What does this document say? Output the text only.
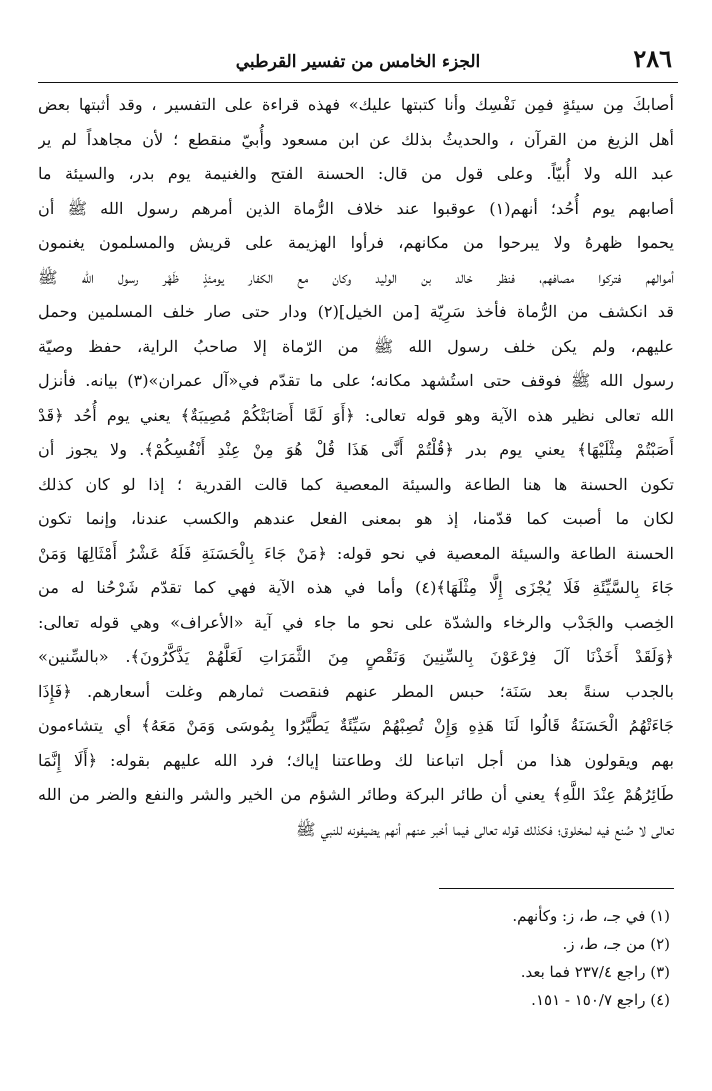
٢٨٦
الجزء الخامس من تفسير القرطبي
أصابكَ مِن سيئةٍ فمِن نَفْسِك وأنا كتبتها عليك» فهذه قراءة على التفسير ، وقد أثبتها بعض
أهل الزيغ من القرآن ، والحديثُ بذلك عن ابن مسعود وأُبيّ منقطع ؛ لأن مجاهداً لم ير
عبد الله ولا أُبيّاً. وعلى قول من قال: الحسنة الفتح والغنيمة يوم بدر، والسيئة ما
أصابهم يوم أُحُد؛ أنهم(١) عوقبوا عند خلاف الرُّماة الذين أمرهم رسول الله ﷺ أن
يحموا ظهرهُ ولا يبرحوا من مكانهم، فرأوا الهزيمة على قريش والمسلمون يغنمون
أموالهم فتركوا مصافهم، فنظر خالد بن الوليد وكان مع الكفار يومئذٍ ظَهْر رسول الله ﷺ
قد انكشف من الرُّماة فأخذ سَرِيّة [من الخيل](٢) ودار حتى صار خلف المسلمين وحمل
عليهم، ولم يكن خلف رسول الله ﷺ من الرّماة إلا صاحبُ الراية، حفظ وصيّة
رسول الله ﷺ فوقف حتى استُشهد مكانه؛ على ما تقدّم في«آل عمران»(٣) بيانه. فأنزل
الله تعالى نظير هذه الآية وهو قوله تعالى: ﴿أَوَ لَمَّا أَصَابَتْكُمْ مُصِيبَةٌ﴾ يعني يوم أُحُد ﴿قَدْ
أَصَبْتُمْ مِثْلَيْهَا﴾ يعني يوم بدر ﴿قُلْتُمْ أَنَّى هَذَا قُلْ هُوَ مِنْ عِنْدِ أَنْفُسِكُمْ﴾. ولا يجوز أن
تكون الحسنة ها هنا الطاعة والسيئة المعصية كما قالت القدرية ؛ إذا لو كان كذلك
لكان ما أصبت كما قدّمنا، إذ هو بمعنى الفعل عندهم والكسب عندنا، وإنما تكون
الحسنة الطاعة والسيئة المعصية في نحو قوله: ﴿مَنْ جَاءَ بِالْحَسَنَةِ فَلَهُ عَشْرُ أَمْثَالِهَا وَمَنْ
جَاءَ بِالسَّيِّئَةِ فَلَا يُجْزَى إِلَّا مِثْلَهَا﴾(٤) وأما في هذه الآية فهي كما تقدّم شَرْحُنا له من
الخِصب والجَدْب والرخاء والشدّة على نحو ما جاء في آية «الأعراف» وهي قوله تعالى:
﴿وَلَقَدْ أَخَذْنَا آلَ فِرْعَوْنَ بِالسِّنِينَ وَنَقْصٍ مِنَ الثَّمَرَاتِ لَعَلَّهُمْ يَذَّكَّرُونَ﴾. «بالسِّنين»
بالجدب سنةً بعد سَنَة؛ حبس المطر عنهم فنقصت ثمارهم وغلت أسعارهم. ﴿فَإِذَا
جَاءَتْهُمُ الْحَسَنَةُ قَالُوا لَنَا هَذِهِ وَإِنْ تُصِبْهُمْ سَيِّئَةٌ يَطَّيَّرُوا بِمُوسَى وَمَنْ مَعَهُ﴾ أي يتشاءمون
بهم ويقولون هذا من أجل اتباعنا لك وطاعتنا إياك؛ فرد الله عليهم بقوله: ﴿أَلَا إِنَّمَا
طَائِرُهُمْ عِنْدَ اللَّهِ﴾ يعني أن طائر البركة وطائر الشؤم من الخير والشر والنفع والضر من الله
تعالى لا صُنع فيه لمخلوق؛ فكذلك قوله تعالى فيما أخبر عنهم أنهم يضيفونه للنبي ﷺ
(١) في جـ، ط، ز: وكأنهم.
(٢) من جـ، ط، ز.
(٣) راجع ٢٣٧/٤ فما بعد.
(٤) راجع ١٥٠/٧ - ١٥١.
